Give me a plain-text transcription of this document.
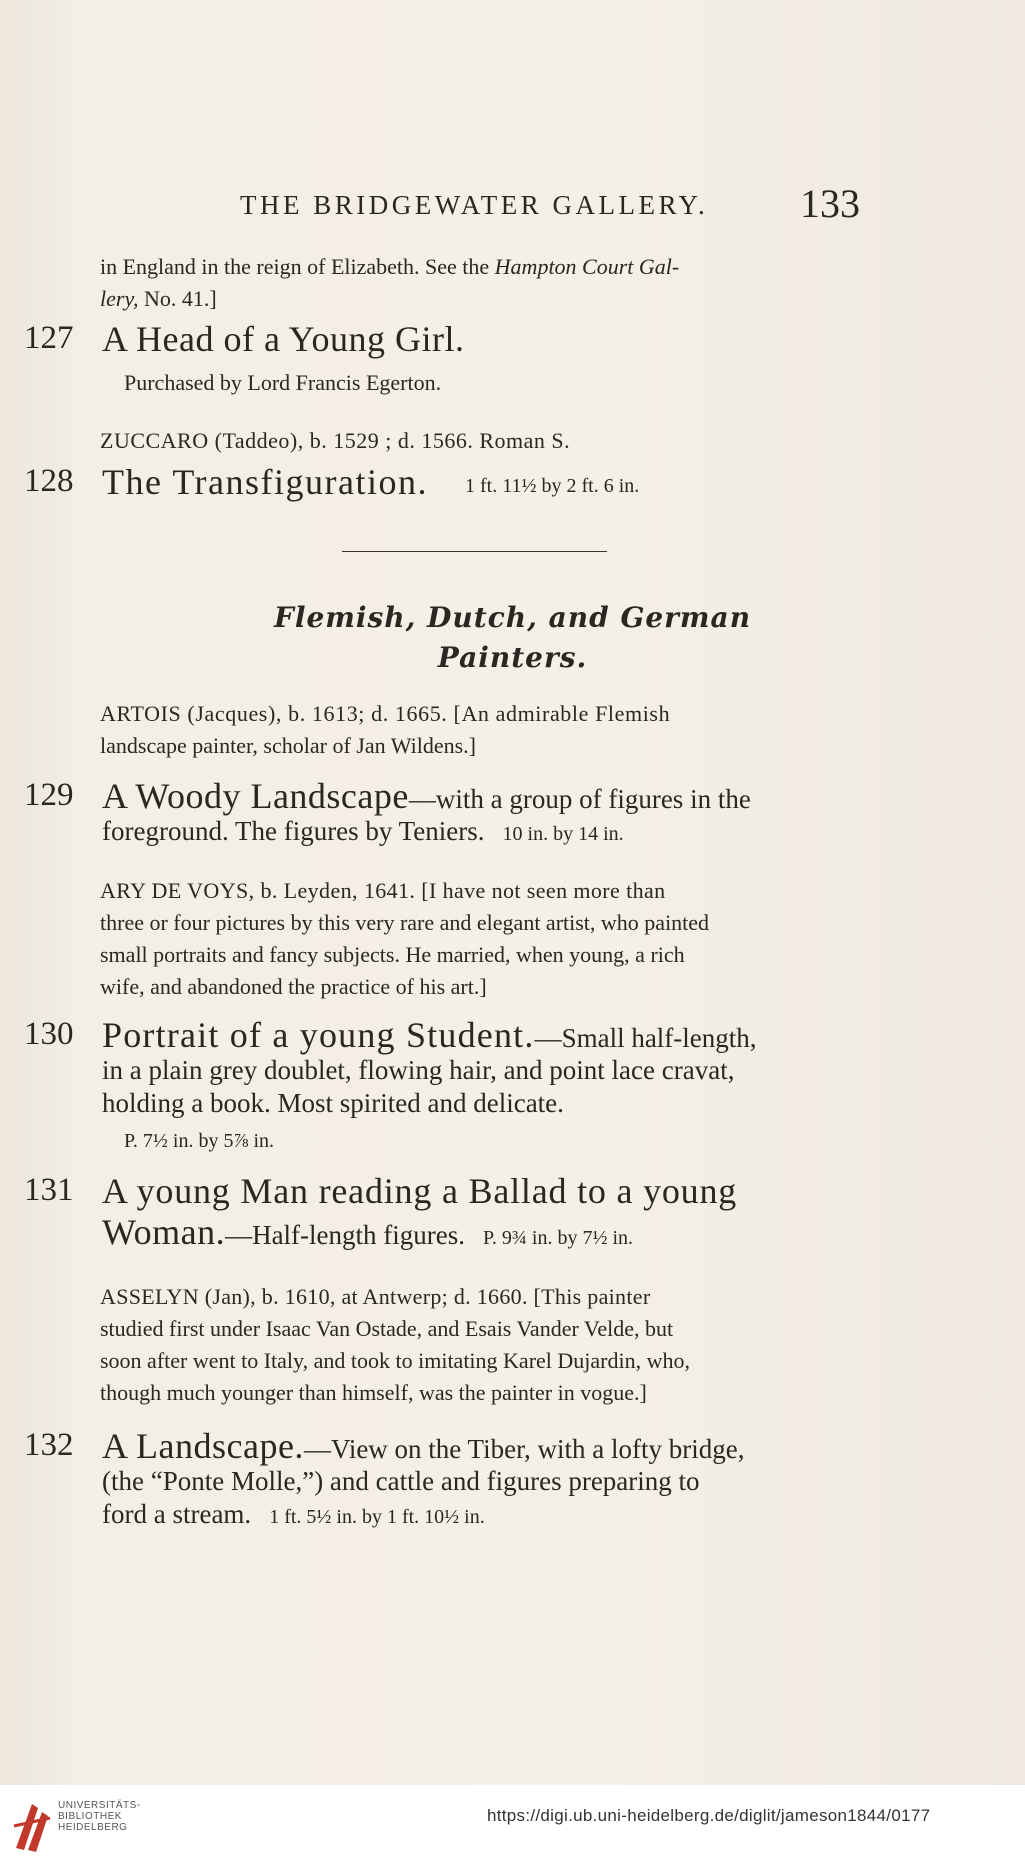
THE BRIDGEWATER GALLERY. 133
in England in the reign of Elizabeth. See the Hampton Court Gal-
lery, No. 41.]
127 A Head of a Young Girl.
Purchased by Lord Francis Egerton.
ZUCCARO (Taddeo), b. 1529 ; d. 1566. Roman S.
128 The Transfiguration. 1 ft. 11½ by 2 ft. 6 in.
Flemish, Dutch, and German
Painters.
ARTOIS (Jacques), b. 1613; d. 1665. [An admirable Flemish
landscape painter, scholar of Jan Wildens.]
129 A Woody Landscape—with a group of figures in the
foreground. The figures by Teniers. 10 in. by 14 in.
ARY DE VOYS, b. Leyden, 1641. [I have not seen more than
three or four pictures by this very rare and elegant artist, who painted
small portraits and fancy subjects. He married, when young, a rich
wife, and abandoned the practice of his art.]
130 Portrait of a young Student.—Small half-length,
in a plain grey doublet, flowing hair, and point lace cravat,
holding a book. Most spirited and delicate.
P. 7½ in. by 5⅞ in.
131 A young Man reading a Ballad to a young
Woman.—Half-length figures. P. 9¾ in. by 7½ in.
ASSELYN (Jan), b. 1610, at Antwerp; d. 1660. [This painter
studied first under Isaac Van Ostade, and Esais Vander Velde, but
soon after went to Italy, and took to imitating Karel Dujardin, who,
though much younger than himself, was the painter in vogue.]
132 A Landscape.—View on the Tiber, with a lofty bridge,
(the “Ponte Molle,”) and cattle and figures preparing to
ford a stream. 1 ft. 5½ in. by 1 ft. 10½ in.
UNIVERSITÄTS-
BIBLIOTHEK
HEIDELBERG
https://digi.ub.uni-heidelberg.de/diglit/jameson1844/0177
